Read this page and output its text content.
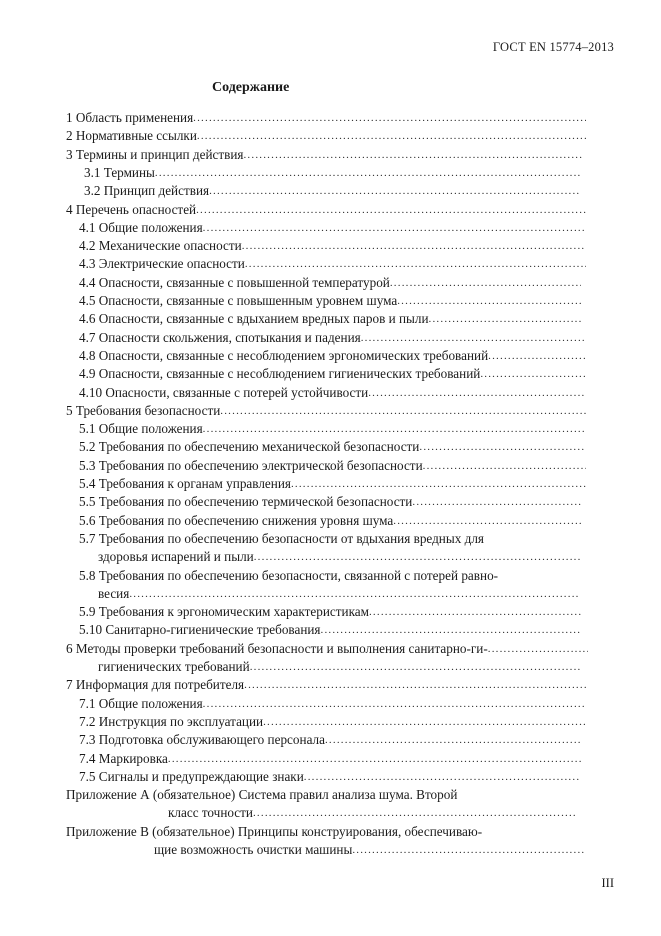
ГОСТ EN 15774–2013
Содержание
1 Область применения
.....
2 Нормативные ссылки
.....
3 Термины и принцип действия
.....
3.1 Термины
.....
3.2 Принцип действия
.....
4 Перечень опасностей
.....
4.1 Общие положения
.....
4.2 Механические опасности
.....
4.3 Электрические опасности
.....
4.4 Опасности, связанные с повышенной температурой
.....
4.5 Опасности, связанные с повышенным уровнем шума
.....
4.6 Опасности, связанные с вдыханием вредных паров и пыли
.....
4.7 Опасности скольжения, спотыкания и падения
.....
4.8 Опасности, связанные с несоблюдением эргономических требований
.....
4.9 Опасности, связанные с несоблюдением гигиенических требований
.....
4.10 Опасности, связанные с потерей устойчивости
.....
5 Требования безопасности
.....
5.1 Общие положения
.....
5.2 Требования по обеспечению механической безопасности
.....
5.3 Требования по обеспечению электрической безопасности
.....
5.4 Требования к органам управления
.....
5.5 Требования по обеспечению термической безопасности
.....
5.6 Требования по обеспечению снижения уровня шума
.....
5.7 Требования по обеспечению безопасности от вдыхания вредных для
здоровья испарений и пыли
.....
5.8 Требования по обеспечению безопасности, связанной с потерей равно-
весия
.....
5.9 Требования к эргономическим характеристикам
.....
5.10 Санитарно-гигиенические требования
.....
6 Методы проверки требований безопасности и выполнения санитарно-ги-
.....
гигиенических требований
.....
7 Информация для потребителя
.....
7.1 Общие положения
.....
7.2 Инструкция по эксплуатации
.....
7.3 Подготовка обслуживающего персонала
.....
7.4 Маркировка
.....
7.5 Сигналы и предупреждающие знаки
.....
Приложение А (обязательное) Система правил анализа шума. Второй
класс точности
.....
Приложение В (обязательное) Принципы конструирования, обеспечиваю-
щие возможность очистки машины
.....
III
